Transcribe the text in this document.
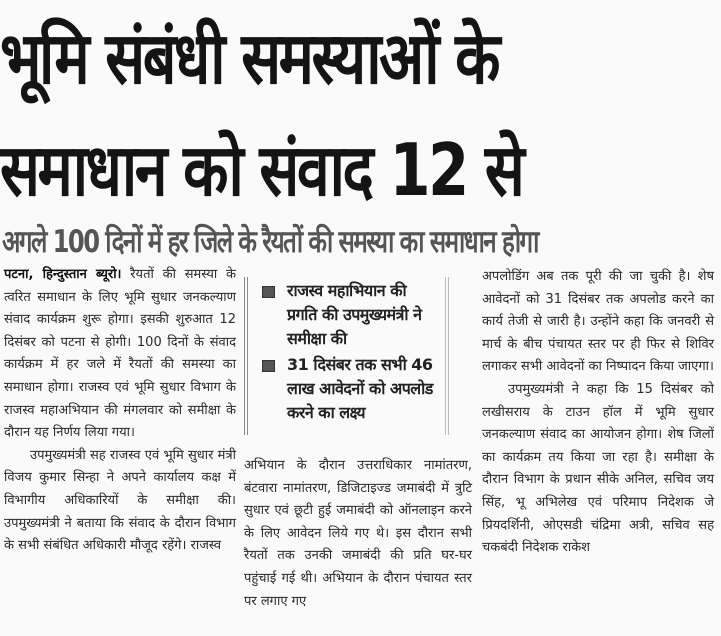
भूमि संबंधी समस्याओं के
समाधान को संवाद 12 से
अगले 100 दिनों में हर जिले के रैयतों की समस्या का समाधान होगा

पटना, हिन्दुस्तान ब्यूरो। रैयतों की समस्या के त्वरित समाधान के लिए भूमि सुधार जनकल्याण संवाद कार्यक्रम शुरू होगा। इसकी शुरुआत 12 दिसंबर को पटना से होगी। 100 दिनों के संवाद कार्यक्रम में हर जले में रैयतों की समस्या का समाधान होगा। राजस्व एवं भूमि सुधार विभाग के राजस्व महाअभियान की मंगलवार को समीक्षा के दौरान यह निर्णय लिया गया।

उपमुख्यमंत्री सह राजस्व एवं भूमि सुधार मंत्री विजय कुमार सिन्हा ने अपने कार्यालय कक्ष में विभागीय अधिकारियों के समीक्षा की। उपमुख्यमंत्री ने बताया कि संवाद के दौरान विभाग के सभी संबंधित अधिकारी मौजूद रहेंगे। राजस्व

राजस्व महाभियान की प्रगति की उपमुख्यमंत्री ने समीक्षा की
31 दिसंबर तक सभी 46 लाख आवेदनों को अपलोड करने का लक्ष्य

अभियान के दौरान उत्तराधिकार नामांतरण, बंटवारा नामांतरण, डिजिटाइज्ड जमाबंदी में त्रुटि सुधार एवं छूटी हुई जमाबंदी को ऑनलाइन करने के लिए आवेदन लिये गए थे। इस दौरान सभी रैयतों तक उनकी जमाबंदी की प्रति घर-घर पहुंचाई गई थी। अभियान के दौरान पंचायत स्तर पर लगाए गए

अपलोडिंग अब तक पूरी की जा चुकी है। शेष आवेदनों को 31 दिसंबर तक अपलोड करने का कार्य तेजी से जारी है। उन्होंने कहा कि जनवरी से मार्च के बीच पंचायत स्तर पर ही फिर से शिविर लगाकर सभी आवेदनों का निष्पादन किया जाएगा।

उपमुख्यमंत्री ने कहा कि 15 दिसंबर को लखीसराय के टाउन हॉल में भूमि सुधार जनकल्याण संवाद का आयोजन होगा। शेष जिलों का कार्यक्रम तय किया जा रहा है। समीक्षा के दौरान विभाग के प्रधान सीके अनिल, सचिव जय सिंह, भू अभिलेख एवं परिमाप निदेशक जे प्रियदर्शिनी, ओएसडी चंद्रिमा अत्री, सचिव सह चकबंदी निदेशक राकेश
